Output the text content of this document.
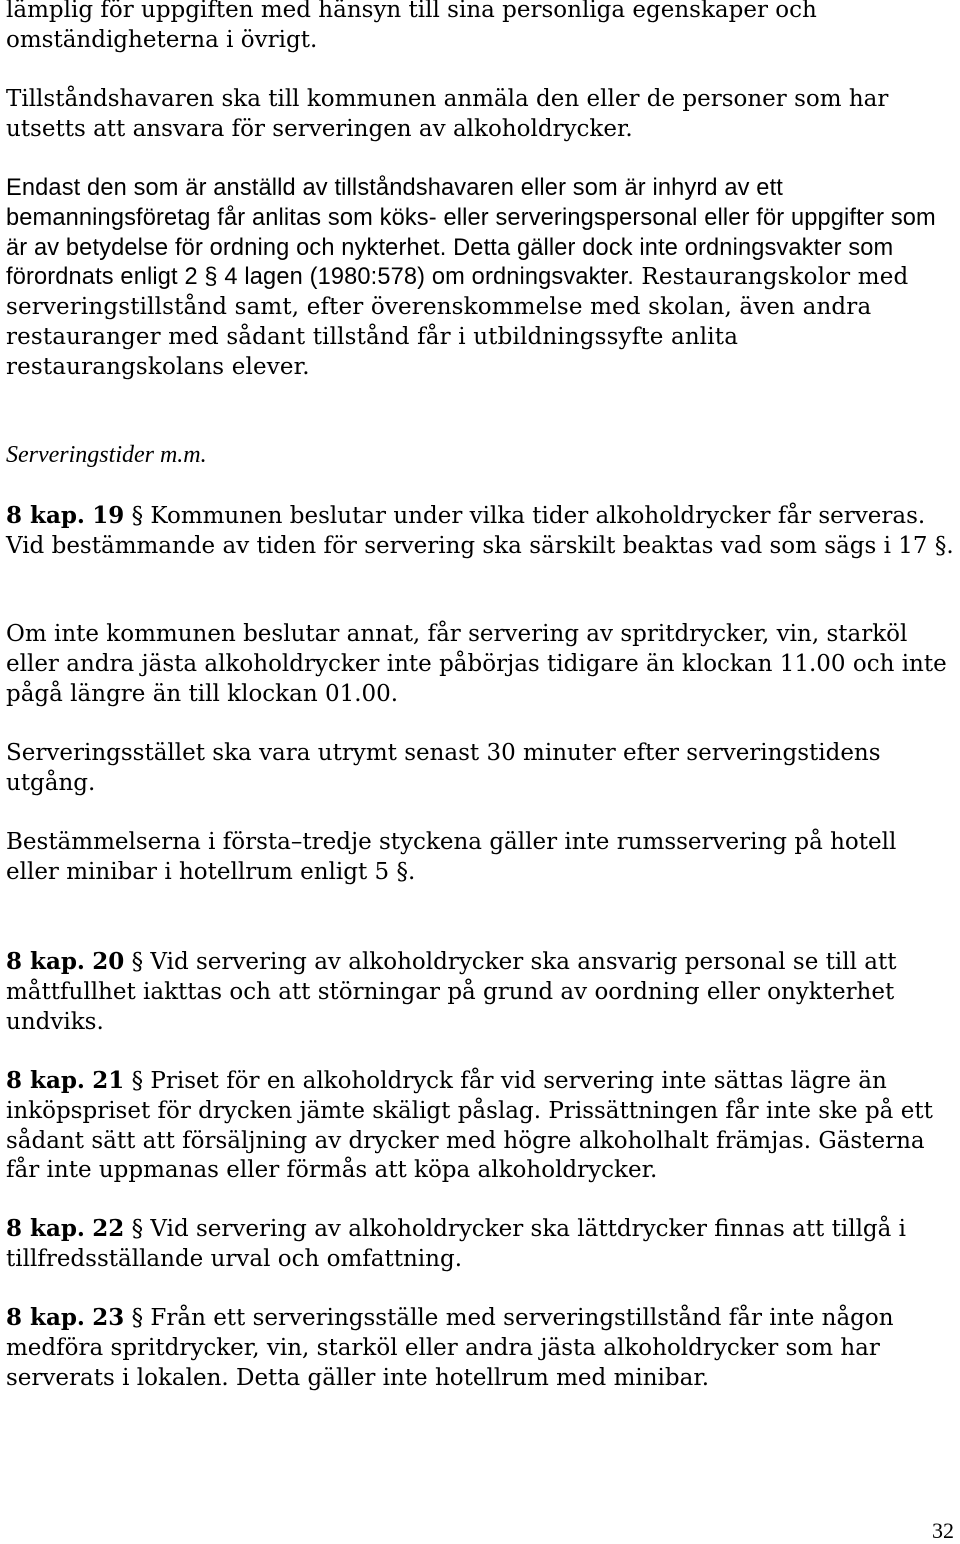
lämplig för uppgiften med hänsyn till sina personliga egenskaper och omständigheterna i övrigt.

Tillståndshavaren ska till kommunen anmäla den eller de personer som har utsetts att ansvara för serveringen av alkoholdrycker.

Endast den som är anställd av tillståndshavaren eller som är inhyrd av ett bemanningsföretag får anlitas som köks- eller serveringspersonal eller för uppgifter som är av betydelse för ordning och nykterhet. Detta gäller dock inte ordningsvakter som förordnats enligt 2 § 4 lagen (1980:578) om ordningsvakter. Restaurangskolor med serveringstillstånd samt, efter överenskommelse med skolan, även andra restauranger med sådant tillstånd får i utbildningssyfte anlita restaurangskolans elever.

Serveringstider m.m.

8 kap. 19 § Kommunen beslutar under vilka tider alkoholdrycker får serveras. Vid bestämmande av tiden för servering ska särskilt beaktas vad som sägs i 17 §.

Om inte kommunen beslutar annat, får servering av spritdrycker, vin, starköl eller andra jästa alkoholdrycker inte påbörjas tidigare än klockan 11.00 och inte pågå längre än till klockan 01.00.

Serveringsstället ska vara utrymt senast 30 minuter efter serveringstidens utgång.

Bestämmelserna i första–tredje styckena gäller inte rumsservering på hotell eller minibar i hotellrum enligt 5 §.

8 kap. 20 § Vid servering av alkoholdrycker ska ansvarig personal se till att måttfullhet iakttas och att störningar på grund av oordning eller onykterhet undviks.

8 kap. 21 § Priset för en alkoholdryck får vid servering inte sättas lägre än inköpspriset för drycken jämte skäligt påslag. Prissättningen får inte ske på ett sådant sätt att försäljning av drycker med högre alkoholhalt främjas. Gästerna får inte uppmanas eller förmås att köpa alkoholdrycker.

8 kap. 22 § Vid servering av alkoholdrycker ska lättdrycker finnas att tillgå i tillfredsställande urval och omfattning.

8 kap. 23 § Från ett serveringsställe med serveringstillstånd får inte någon medföra spritdrycker, vin, starköl eller andra jästa alkoholdrycker som har serverats i lokalen. Detta gäller inte hotellrum med minibar.

32
